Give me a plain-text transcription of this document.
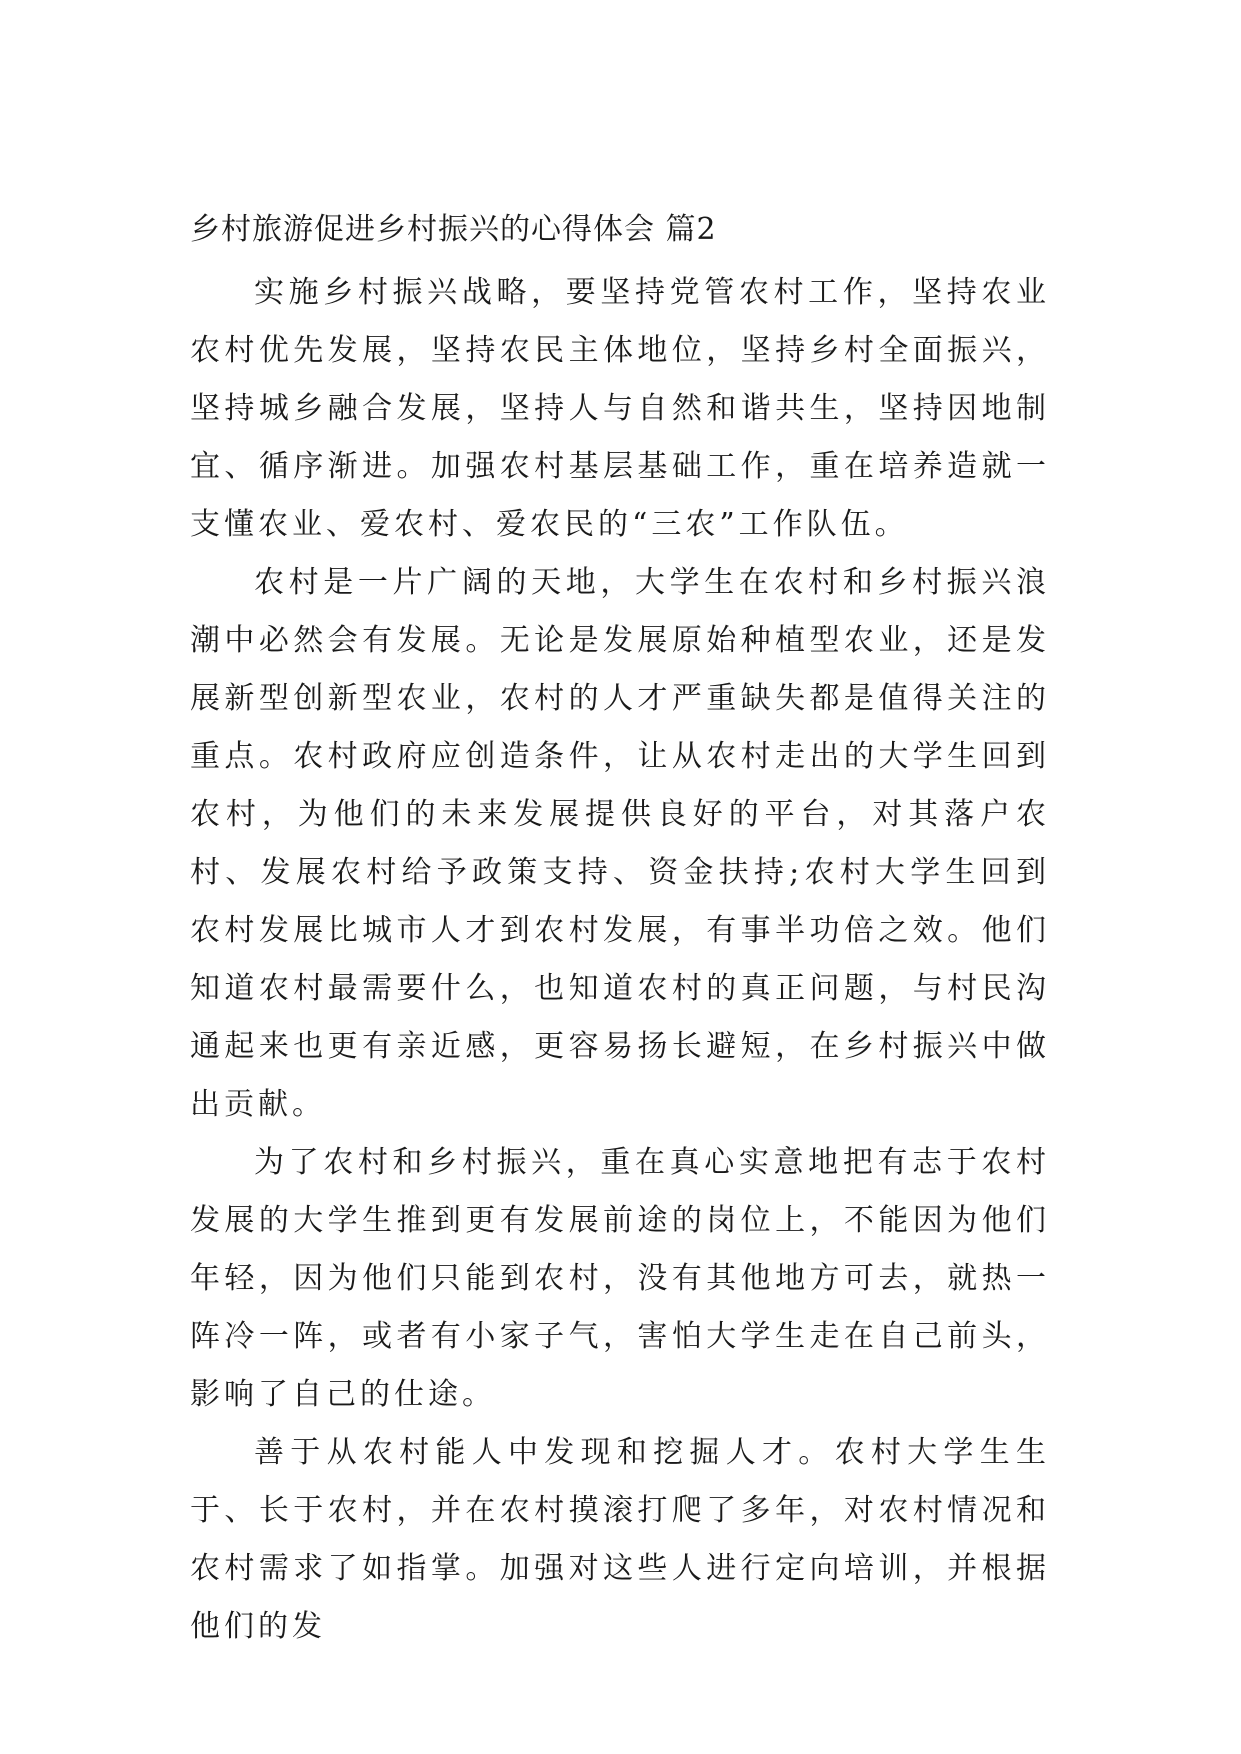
乡村旅游促进乡村振兴的心得体会 篇2

实施乡村振兴战略，要坚持党管农村工作，坚持农业农村优先发展，坚持农民主体地位，坚持乡村全面振兴，坚持城乡融合发展，坚持人与自然和谐共生，坚持因地制宜、循序渐进。加强农村基层基础工作，重在培养造就一支懂农业、爱农村、爱农民的“三农”工作队伍。

农村是一片广阔的天地，大学生在农村和乡村振兴浪潮中必然会有发展。无论是发展原始种植型农业，还是发展新型创新型农业，农村的人才严重缺失都是值得关注的重点。农村政府应创造条件，让从农村走出的大学生回到农村，为他们的未来发展提供良好的平台，对其落户农村、发展农村给予政策支持、资金扶持;农村大学生回到农村发展比城市人才到农村发展，有事半功倍之效。他们知道农村最需要什么，也知道农村的真正问题，与村民沟通起来也更有亲近感，更容易扬长避短，在乡村振兴中做出贡献。

为了农村和乡村振兴，重在真心实意地把有志于农村发展的大学生推到更有发展前途的岗位上，不能因为他们年轻，因为他们只能到农村，没有其他地方可去，就热一阵冷一阵，或者有小家子气，害怕大学生走在自己前头，影响了自己的仕途。

善于从农村能人中发现和挖掘人才。农村大学生生于、长于农村，并在农村摸滚打爬了多年，对农村情况和农村需求了如指掌。加强对这些人进行定向培训，并根据他们的发
